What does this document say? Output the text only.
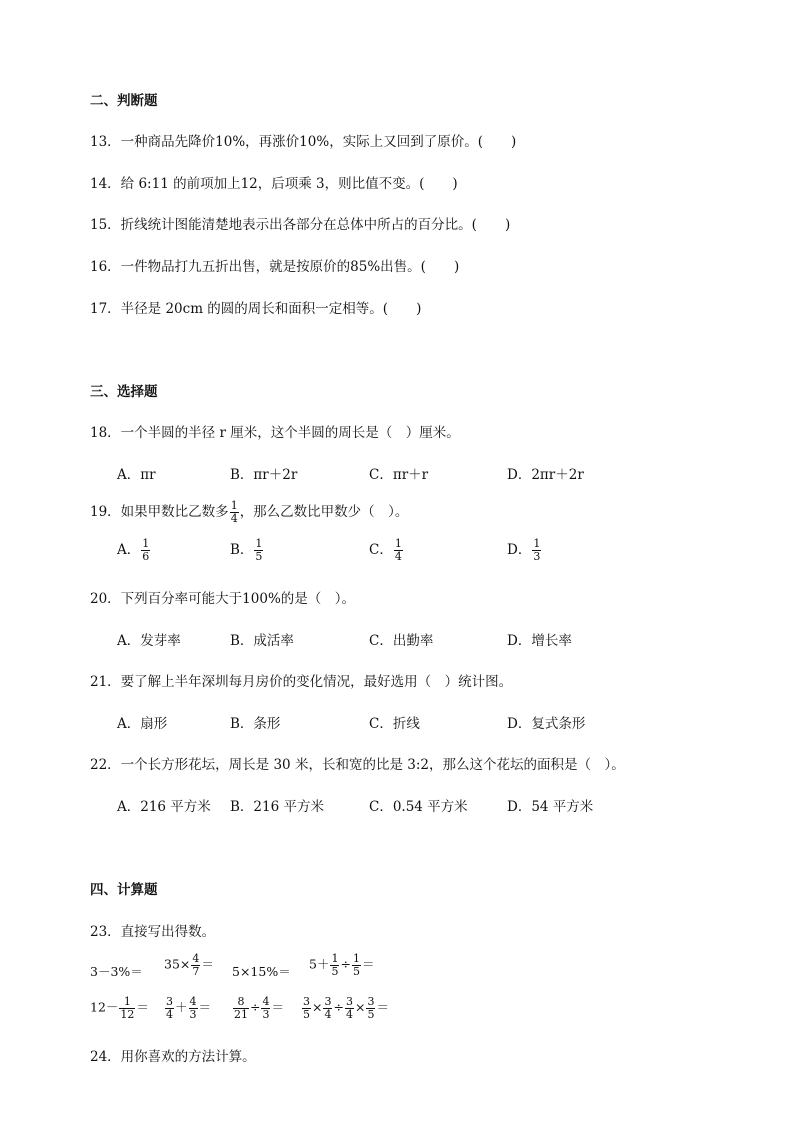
二、判断题
13．一种商品先降价10%，再涨价10%，实际上又回到了原价。( )
14．给 6:11 的前项加上12，后项乘 3，则比值不变。( )
15．折线统计图能清楚地表示出各部分在总体中所占的百分比。( )
16．一件物品打九五折出售，就是按原价的85%出售。( )
17．半径是 20cm 的圆的周长和面积一定相等。( )
三、选择题
18．一个半圆的半径 r 厘米，这个半圆的周长是（　）厘米。
A．πr	B．πr＋2r	C．πr＋r	D．2πr＋2r
19．如果甲数比乙数多 $\frac{1}{4}$ ，那么乙数比甲数少（　）。
A． $\frac{1}{6}$	B． $\frac{1}{5}$	C． $\frac{1}{4}$	D． $\frac{1}{3}$
20．下列百分率可能大于100%的是（　）。
A．发芽率	B．成活率	C．出勤率	D．增长率
21．要了解上半年深圳每月房价的变化情况，最好选用（　）统计图。
A．扇形	B．条形	C．折线	D．复式条形
22．一个长方形花坛，周长是 30 米，长和宽的比是 3:2，那么这个花坛的面积是（　）。
A．216 平方米 B．216 平方米	C．0.54 平方米	D．54 平方米
四、计算题
23．直接写出得数。
$3-3\%= 35\times \frac{4}{7} = 5\times 15\%= 5+ \frac{1}{5} \div \frac{1}{5}$ ＝
$12- \frac{1}{12} = \frac{3}{4} + \frac{4}{3} = \frac{8}{21} \div \frac{4}{3} = \frac{3}{5} \times \frac{3}{4} \div \frac{3}{4} \times \frac{3}{5}$ ＝
24．用你喜欢的方法计算。
